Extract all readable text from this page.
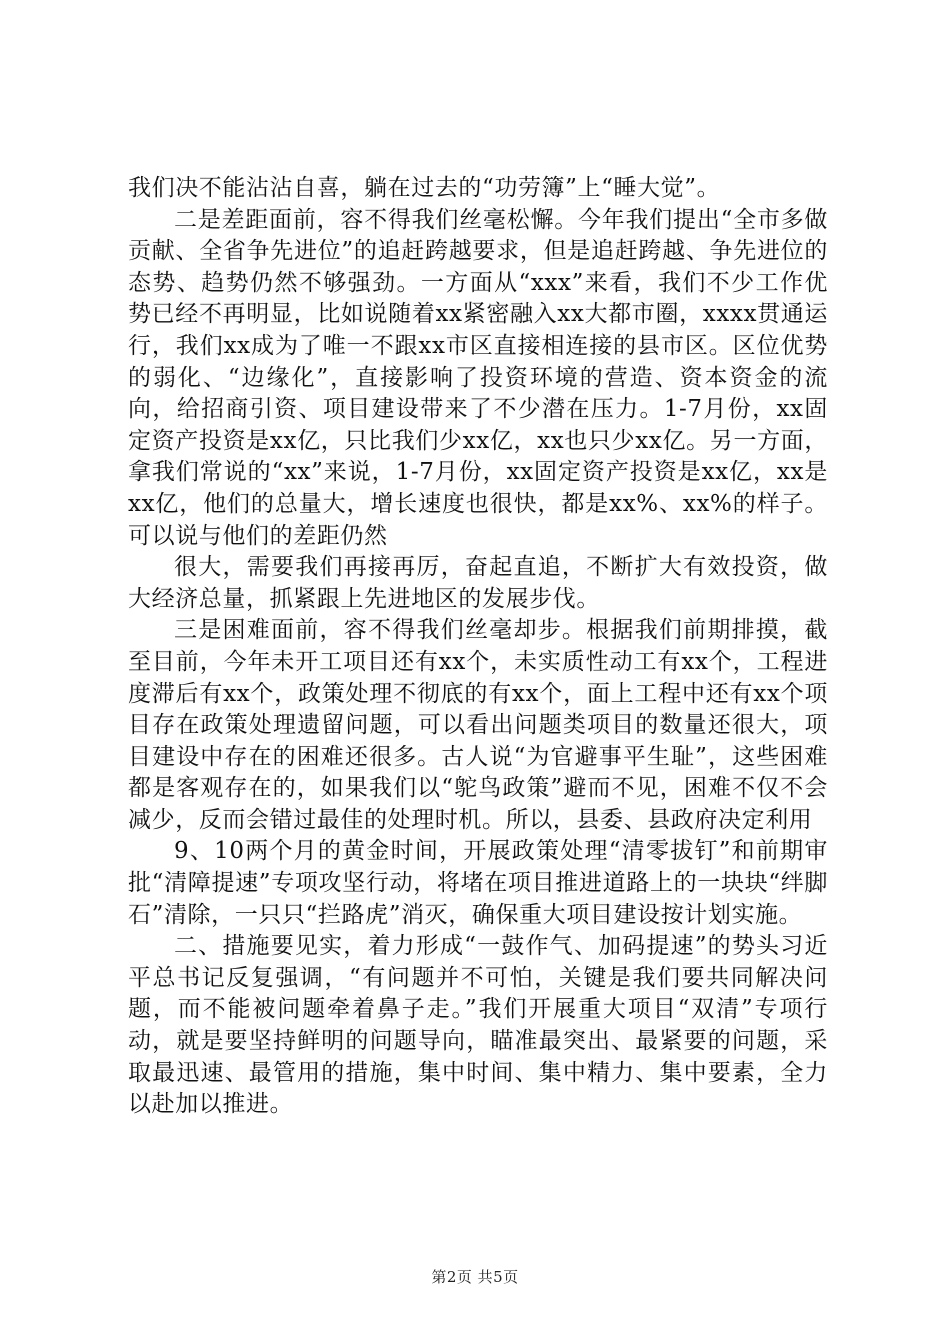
我们决不能沾沾自喜，躺在过去的“功劳簿”上“睡大觉”。

二是差距面前，容不得我们丝毫松懈。今年我们提出“全市多做贡献、全省争先进位”的追赶跨越要求，但是追赶跨越、争先进位的态势、趋势仍然不够强劲。一方面从“xxx”来看，我们不少工作优势已经不再明显，比如说随着xx紧密融入xx大都市圈，xxxx贯通运行，我们xx成为了唯一不跟xx市区直接相连接的县市区。区位优势的弱化、“边缘化”，直接影响了投资环境的营造、资本资金的流向，给招商引资、项目建设带来了不少潜在压力。1-7月份，xx固定资产投资是xx亿，只比我们少xx亿，xx也只少xx亿。另一方面，拿我们常说的“xx”来说，1-7月份，xx固定资产投资是xx亿，xx是xx亿，他们的总量大，增长速度也很快，都是xx%、xx%的样子。可以说与他们的差距仍然

很大，需要我们再接再厉，奋起直追，不断扩大有效投资，做大经济总量，抓紧跟上先进地区的发展步伐。

三是困难面前，容不得我们丝毫却步。根据我们前期排摸，截至目前，今年未开工项目还有xx个，未实质性动工有xx个，工程进度滞后有xx个，政策处理不彻底的有xx个，面上工程中还有xx个项目存在政策处理遗留问题，可以看出问题类项目的数量还很大，项目建设中存在的困难还很多。古人说“为官避事平生耻”，这些困难都是客观存在的，如果我们以“鸵鸟政策”避而不见，困难不仅不会减少，反而会错过最佳的处理时机。所以，县委、县政府决定利用

9、10两个月的黄金时间，开展政策处理“清零拔钉”和前期审批“清障提速”专项攻坚行动，将堵在项目推进道路上的一块块“绊脚石”清除，一只只“拦路虎”消灭，确保重大项目建设按计划实施。

二、措施要见实，着力形成“一鼓作气、加码提速”的势头习近平总书记反复强调，“有问题并不可怕，关键是我们要共同解决问题，而不能被问题牵着鼻子走。”我们开展重大项目“双清”专项行动，就是要坚持鲜明的问题导向，瞄准最突出、最紧要的问题，采取最迅速、最管用的措施，集中时间、集中精力、集中要素，全力以赴加以推进。

第2页 共5页
